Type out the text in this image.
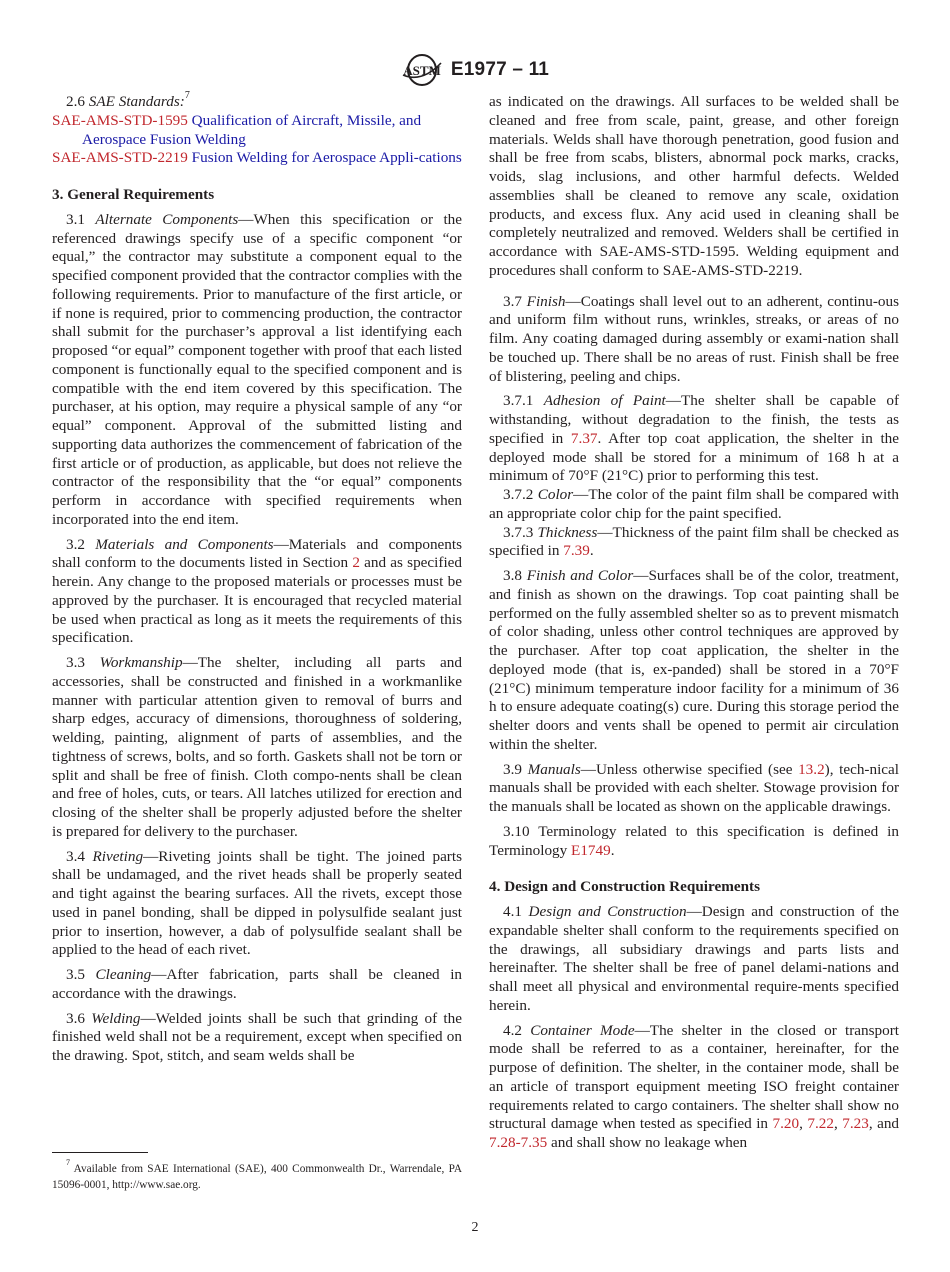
ASTM E1977 – 11

2.6 SAE Standards:$^7$

SAE-AMS-STD-1595 Qualification of Aircraft, Missile, and Aerospace Fusion Welding
SAE-AMS-STD-2219 Fusion Welding for Aerospace Appli-cations
3. General Requirements

3.1 Alternate Components—When this specification or the referenced drawings specify use of a specific component “or equal,” the contractor may substitute a component equal to the specified component provided that the contractor complies with the following requirements. Prior to manufacture of the first article, or if none is required, prior to commencing production, the contractor shall submit for the purchaser’s approval a list identifying each proposed “or equal” component together with proof that each listed component is functionally equal to the specified component and is compatible with the end item covered by this specification. The purchaser, at his option, may require a physical sample of any “or equal” component. Approval of the submitted listing and supporting data authorizes the commencement of fabrication of the first article or of production, as applicable, but does not relieve the contractor of the responsibility that the “or equal” components perform in accordance with specified requirements when incorporated into the end item.

3.2 Materials and Components—Materials and components shall conform to the documents listed in Section 2 and as specified herein. Any change to the proposed materials or processes must be approved by the purchaser. It is encouraged that recycled material be used when practical as long as it meets the requirements of this specification.

3.3 Workmanship—The shelter, including all parts and accessories, shall be constructed and finished in a workmanlike manner with particular attention given to removal of burrs and sharp edges, accuracy of dimensions, thoroughness of soldering, welding, painting, alignment of parts of assemblies, and the tightness of screws, bolts, and so forth. Gaskets shall not be torn or split and shall be free of finish. Cloth compo-nents shall be clean and free of holes, cuts, or tears. All latches utilized for erection and closing of the shelter shall be properly adjusted before the shelter is prepared for delivery to the purchaser.

3.4 Riveting—Riveting joints shall be tight. The joined parts shall be undamaged, and the rivet heads shall be properly seated and tight against the bearing surfaces. All the rivets, except those used in panel bonding, shall be dipped in polysulfide sealant just prior to insertion, however, a dab of polysulfide sealant shall be applied to the head of each rivet.

3.5 Cleaning—After fabrication, parts shall be cleaned in accordance with the drawings.

3.6 Welding—Welded joints shall be such that grinding of the finished weld shall not be a requirement, except when specified on the drawing. Spot, stitch, and seam welds shall be

$^7$ Available from SAE International (SAE), 400 Commonwealth Dr., Warrendale, PA 15096-0001, http://www.sae.org.

as indicated on the drawings. All surfaces to be welded shall be cleaned and free from scale, paint, grease, and other foreign materials. Welds shall have thorough penetration, good fusion and shall be free from scabs, blisters, abnormal pock marks, cracks, voids, slag inclusions, and other harmful defects. Welded assemblies shall be cleaned to remove any scale, oxidation products, and excess flux. Any acid used in cleaning shall be completely neutralized and removed. Welders shall be certified in accordance with SAE-AMS-STD-1595. Welding equipment and procedures shall conform to SAE-AMS-STD-2219.

3.7 Finish—Coatings shall level out to an adherent, continu-ous and uniform film without runs, wrinkles, streaks, or areas of no film. Any coating damaged during assembly or exami-nation shall be touched up. There shall be no areas of rust. Finish shall be free of blistering, peeling and chips.

3.7.1 Adhesion of Paint—The shelter shall be capable of withstanding, without degradation to the finish, the tests as specified in 7.37. After top coat application, the shelter in the deployed mode shall be stored for a minimum of 168 h at a minimum of 70°F (21°C) prior to performing this test.

3.7.2 Color—The color of the paint film shall be compared with an appropriate color chip for the paint specified.

3.7.3 Thickness—Thickness of the paint film shall be checked as specified in 7.39.

3.8 Finish and Color—Surfaces shall be of the color, treatment, and finish as shown on the drawings. Top coat painting shall be performed on the fully assembled shelter so as to prevent mismatch of color shading, unless other control techniques are approved by the purchaser. After top coat application, the shelter in the deployed mode (that is, ex-panded) shall be stored in a 70°F (21°C) minimum temperature indoor facility for a minimum of 36 h to ensure adequate coating(s) cure. During this storage period the shelter doors and vents shall be opened to permit air circulation within the shelter.

3.9 Manuals—Unless otherwise specified (see 13.2), tech-nical manuals shall be provided with each shelter. Stowage provision for the manuals shall be located as shown on the applicable drawings.

3.10 Terminology related to this specification is defined in Terminology E1749.

4. Design and Construction Requirements

4.1 Design and Construction—Design and construction of the expandable shelter shall conform to the requirements specified on the drawings, all subsidiary drawings and parts lists and hereinafter. The shelter shall be free of panel delami-nations and shall meet all physical and environmental require-ments specified herein.

4.2 Container Mode—The shelter in the closed or transport mode shall be referred to as a container, hereinafter, for the purpose of definition. The shelter, in the container mode, shall be an article of transport equipment meeting ISO freight container requirements related to cargo containers. The shelter shall show no structural damage when tested as specified in 7.20, 7.22, 7.23, and 7.28-7.35 and shall show no leakage when

2
